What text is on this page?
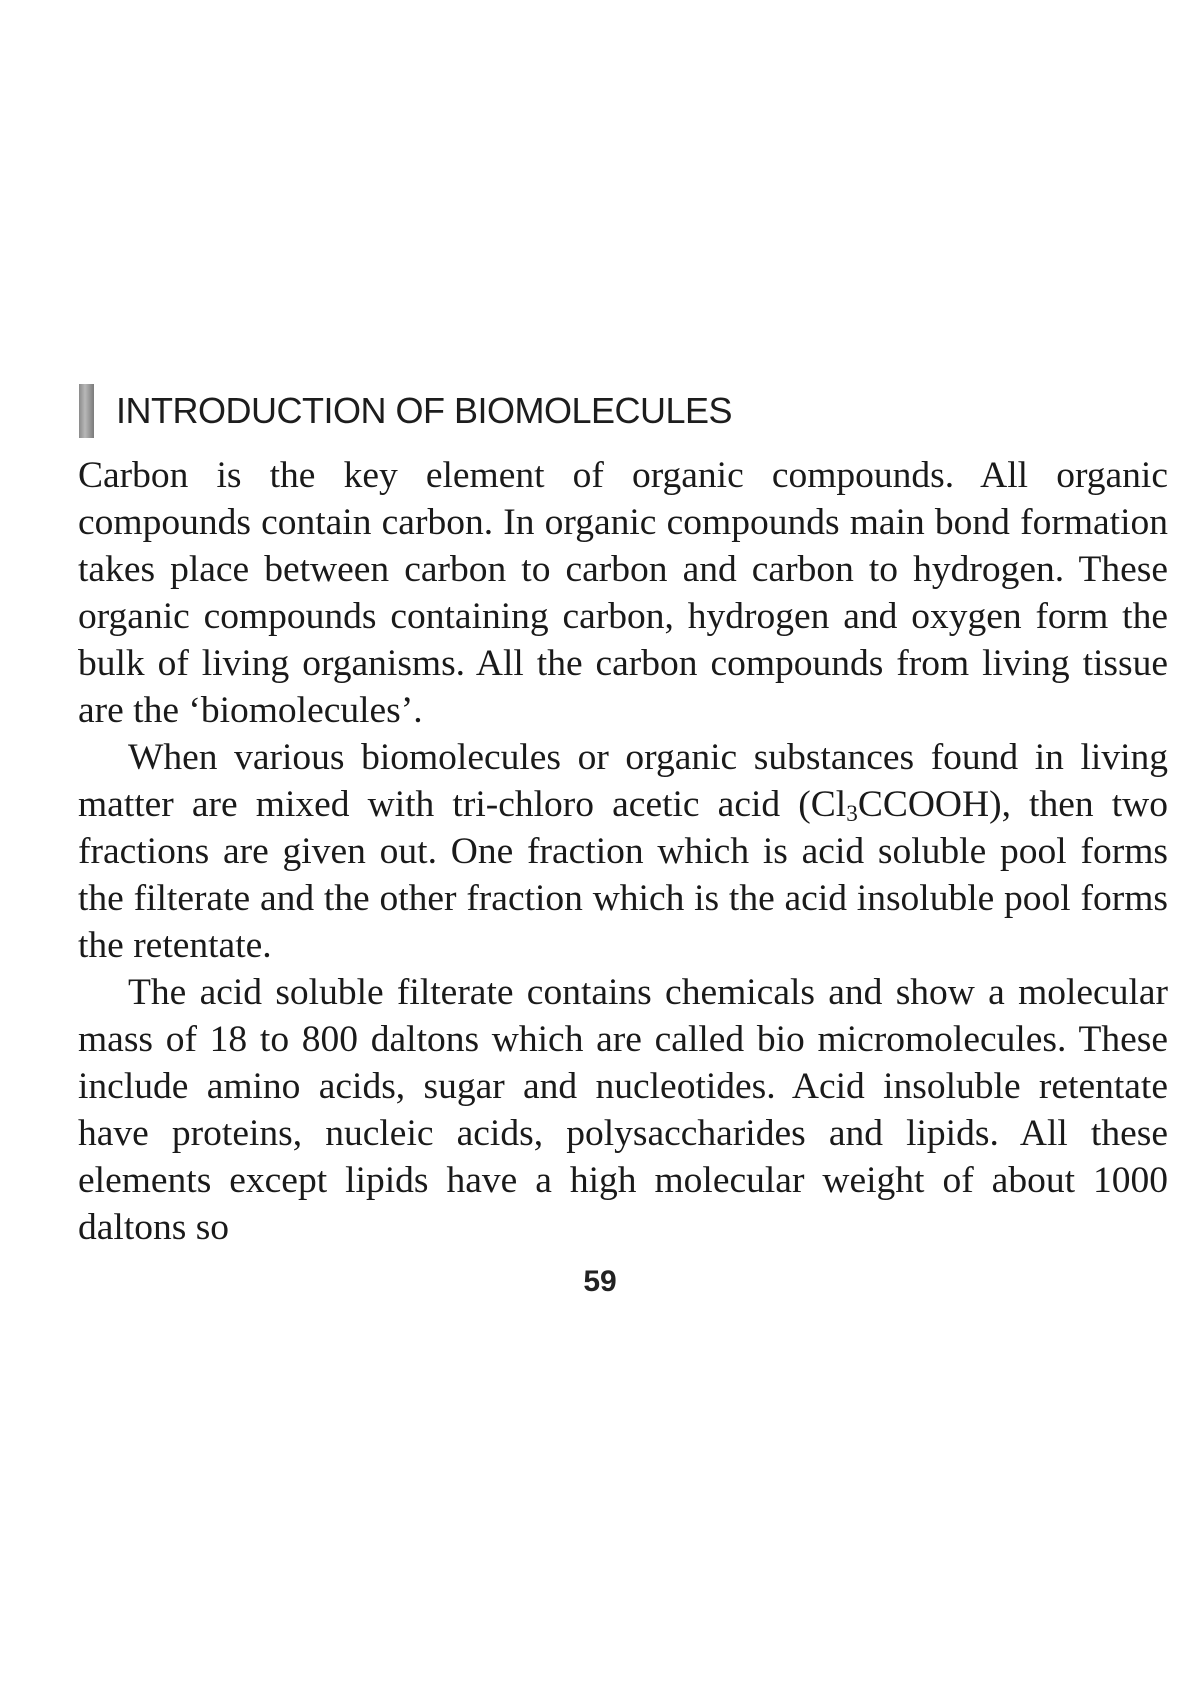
INTRODUCTION OF BIOMOLECULES

Carbon is the key element of organic compounds. All organic compounds contain carbon. In organic compounds main bond formation takes place between carbon to carbon and carbon to hydrogen. These organic compounds containing carbon, hydrogen and oxygen form the bulk of living organisms. All the carbon compounds from living tissue are the ‘biomolecules’.

When various biomolecules or organic substances found in living matter are mixed with tri-chloro acetic acid $(Cl_3CCOOH)$, then two fractions are given out. One fraction which is acid soluble pool forms the filterate and the other fraction which is the acid insoluble pool forms the retentate.

The acid soluble filterate contains chemicals and show a molecular mass of 18 to 800 daltons which are called bio micromolecules. These include amino acids, sugar and nucleotides. Acid insoluble retentate have proteins, nucleic acids, polysaccharides and lipids. All these elements except lipids have a high molecular weight of about 1000 daltons so

59
